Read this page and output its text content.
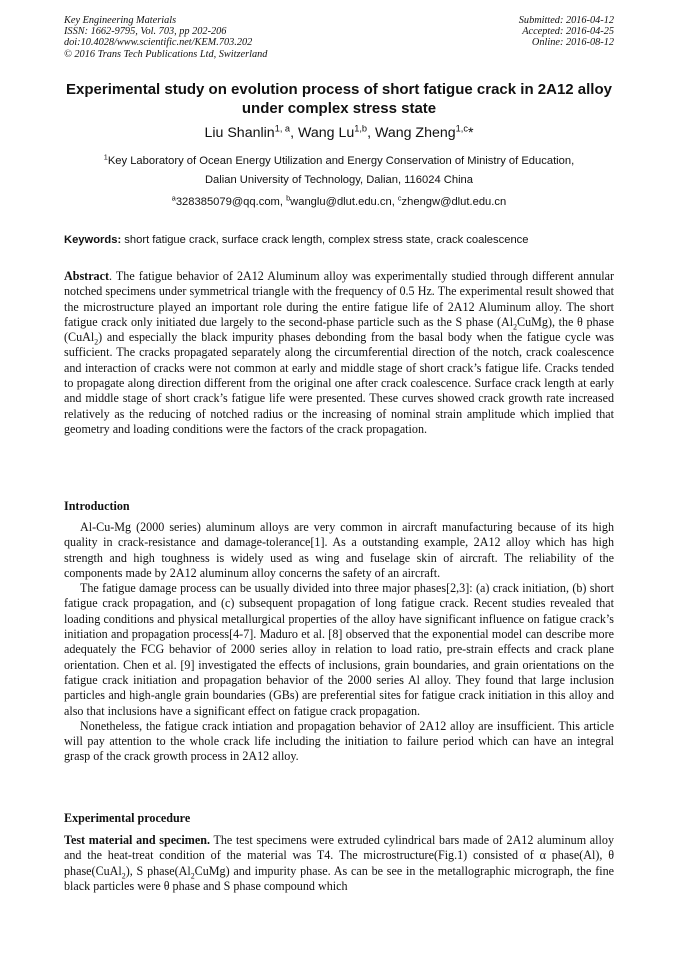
Key Engineering Materials
ISSN: 1662-9795, Vol. 703, pp 202-206
doi:10.4028/www.scientific.net/KEM.703.202
© 2016 Trans Tech Publications Ltd, Switzerland
Submitted: 2016-04-12
Accepted: 2016-04-25
Online: 2016-08-12
Experimental study on evolution process of short fatigue crack in 2A12 alloy under complex stress state
Liu Shanlin$^{1, a}$, Wang Lu$^{1,b}$, Wang Zheng$^{1,c}$*
$^1$Key Laboratory of Ocean Energy Utilization and Energy Conservation of Ministry of Education,
Dalian University of Technology, Dalian, 116024 China
$^a$328385079@qq.com, $^b$wanglu@dlut.edu.cn, $^c$zhengw@dlut.edu.cn
Keywords: short fatigue crack, surface crack length, complex stress state, crack coalescence

Abstract. The fatigue behavior of 2A12 Aluminum alloy was experimentally studied through different annular notched specimens under symmetrical triangle with the frequency of 0.5 Hz. The experimental result showed that the microstructure played an important role during the entire fatigue life of 2A12 Aluminum alloy. The short fatigue crack only initiated due largely to the second-phase particle such as the S phase $(Al_2CuMg)$, the θ phase (CuAl$_2$) and especially the black impurity phases debonding from the basal body when the fatigue cycle was sufficient. The cracks propagated separately along the circumferential direction of the notch, crack coalescence and interaction of cracks were not common at early and middle stage of short crack’s fatigue life. Cracks tended to propagate along direction different from the original one after crack coalescence. Surface crack length at early and middle stage of short crack’s fatigue life were presented. These curves showed crack growth rate increased relatively as the reducing of notched radius or the increasing of nominal strain amplitude which implied that geometry and loading conditions were the factors of the crack propagation.

Introduction

Al-Cu-Mg (2000 series) aluminum alloys are very common in aircraft manufacturing because of its high quality in crack-resistance and damage-tolerance[1]. As a outstanding example, 2A12 alloy which has high strength and high toughness is widely used as wing and fuselage skin of aircraft. The reliability of the components made by 2A12 aluminum alloy concerns the safety of an aircraft.

The fatigue damage process can be usually divided into three major phases[2,3]: (a) crack initiation, (b) short fatigue crack propagation, and (c) subsequent propagation of long fatigue crack. Recent studies revealed that loading conditions and physical metallurgical properties of the alloy have significant influence on fatigue crack’s initiation and propagation process[4-7]. Maduro et al. [8] observed that the exponential model can describe more adequately the FCG behavior of 2000 series alloy in relation to load ratio, pre-strain effects and crack plane orientation. Chen et al. [9] investigated the effects of inclusions, grain boundaries, and grain orientations on the fatigue crack initiation and propagation behavior of the 2000 series Al alloy. They found that large inclusion particles and high-angle grain boundaries (GBs) are preferential sites for fatigue crack initiation in this alloy and also that inclusions have a significant effect on fatigue crack propagation.

Nonetheless, the fatigue crack intiation and propagation behavior of 2A12 alloy are insufficient. This article will pay attention to the whole crack life including the initiation to failure period which can have an integral grasp of the crack growth process in 2A12 alloy.

Experimental procedure

Test material and specimen. The test specimens were extruded cylindrical bars made of 2A12 aluminum alloy and the heat-treat condition of the material was T4. The microstructure(Fig.1) consisted of α phase(Al), θ phase(CuAl$_2$), S $phase(Al_2CuMg)$ and impurity phase. As can be see in the metallographic micrograph, the fine black particles were θ phase and S phase compound which
